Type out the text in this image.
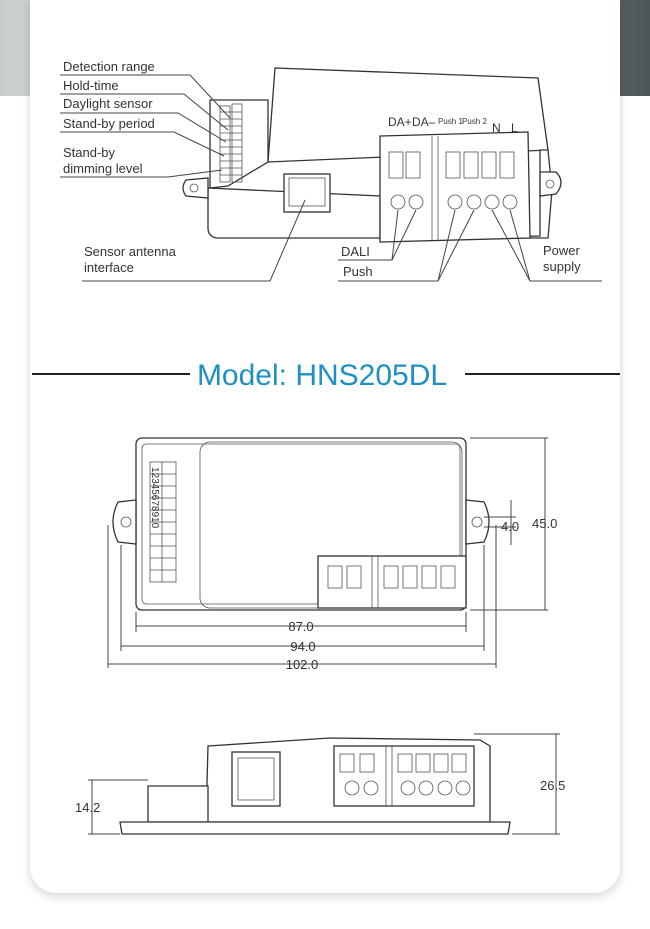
DA+ DA– Push 1 Push 2 N L
Detection range
Hold-time
Daylight sensor
Stand-by period
Stand-by
dimming level
Sensor antenna
interface
DALI
Push
Power
supply
Model: HNS205DL
12345678910	45.0
4.0
87.0
94.0
102.0
26.5
14.2
